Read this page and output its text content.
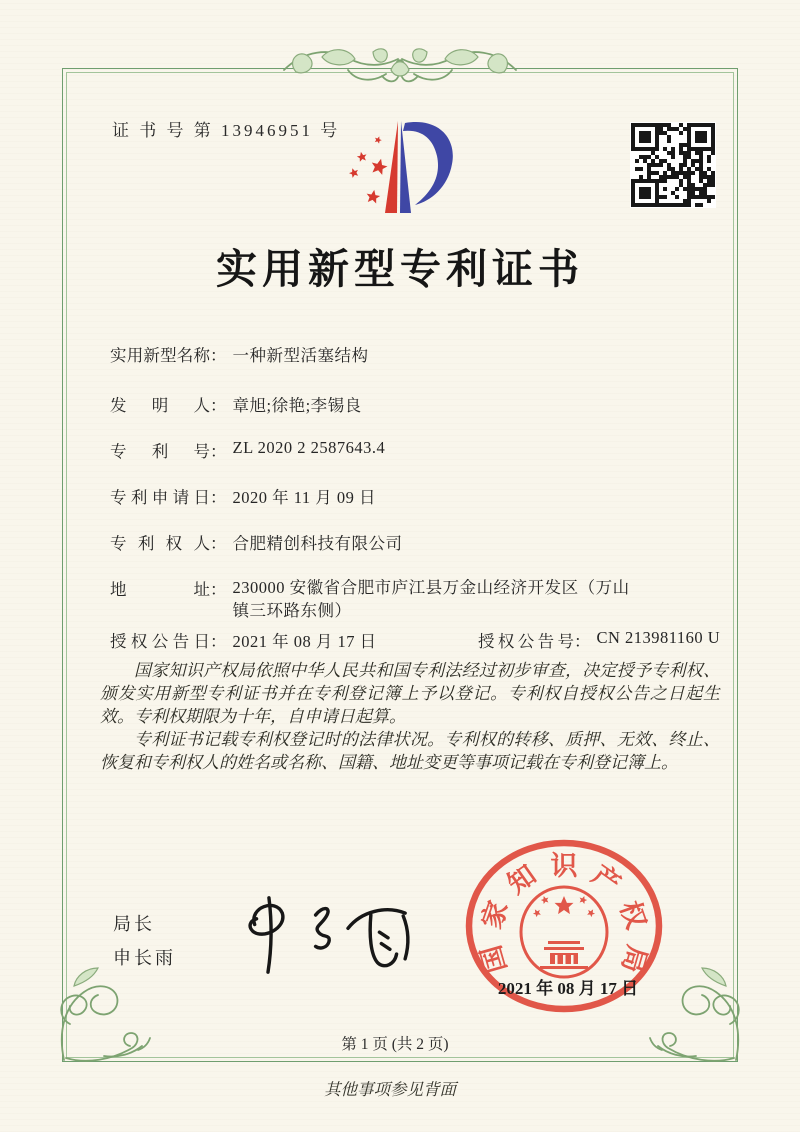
证 书 号 第 13946951 号
实用新型专利证书
实用新型名称： 一种新型活塞结构
发明人： 章旭;徐艳;李锡良
专利号： ZL 2020 2 2587643.4
专利申请日： 2020 年 11 月 09 日
专利权人： 合肥精创科技有限公司
地址： 230000 安徽省合肥市庐江县万金山经济开发区（万山镇三环路东侧）
授权公告日： 2021 年 08 月 17 日	授权公告号： CN 213981160 U

国家知识产权局依照中华人民共和国专利法经过初步审查，决定授予专利权、颁发实用新型专利证书并在专利登记簿上予以登记。专利权自授权公告之日起生效。专利权期限为十年，自申请日起算。

专利证书记载专利权登记时的法律状况。专利权的转移、质押、无效、终止、恢复和专利权人的姓名或名称、国籍、地址变更等事项记载在专利登记簿上。

局长
申长雨	国
家
知 识 产
权
局
2021 年 08 月 17 日
第 1 页 (共 2 页)
其他事项参见背面
